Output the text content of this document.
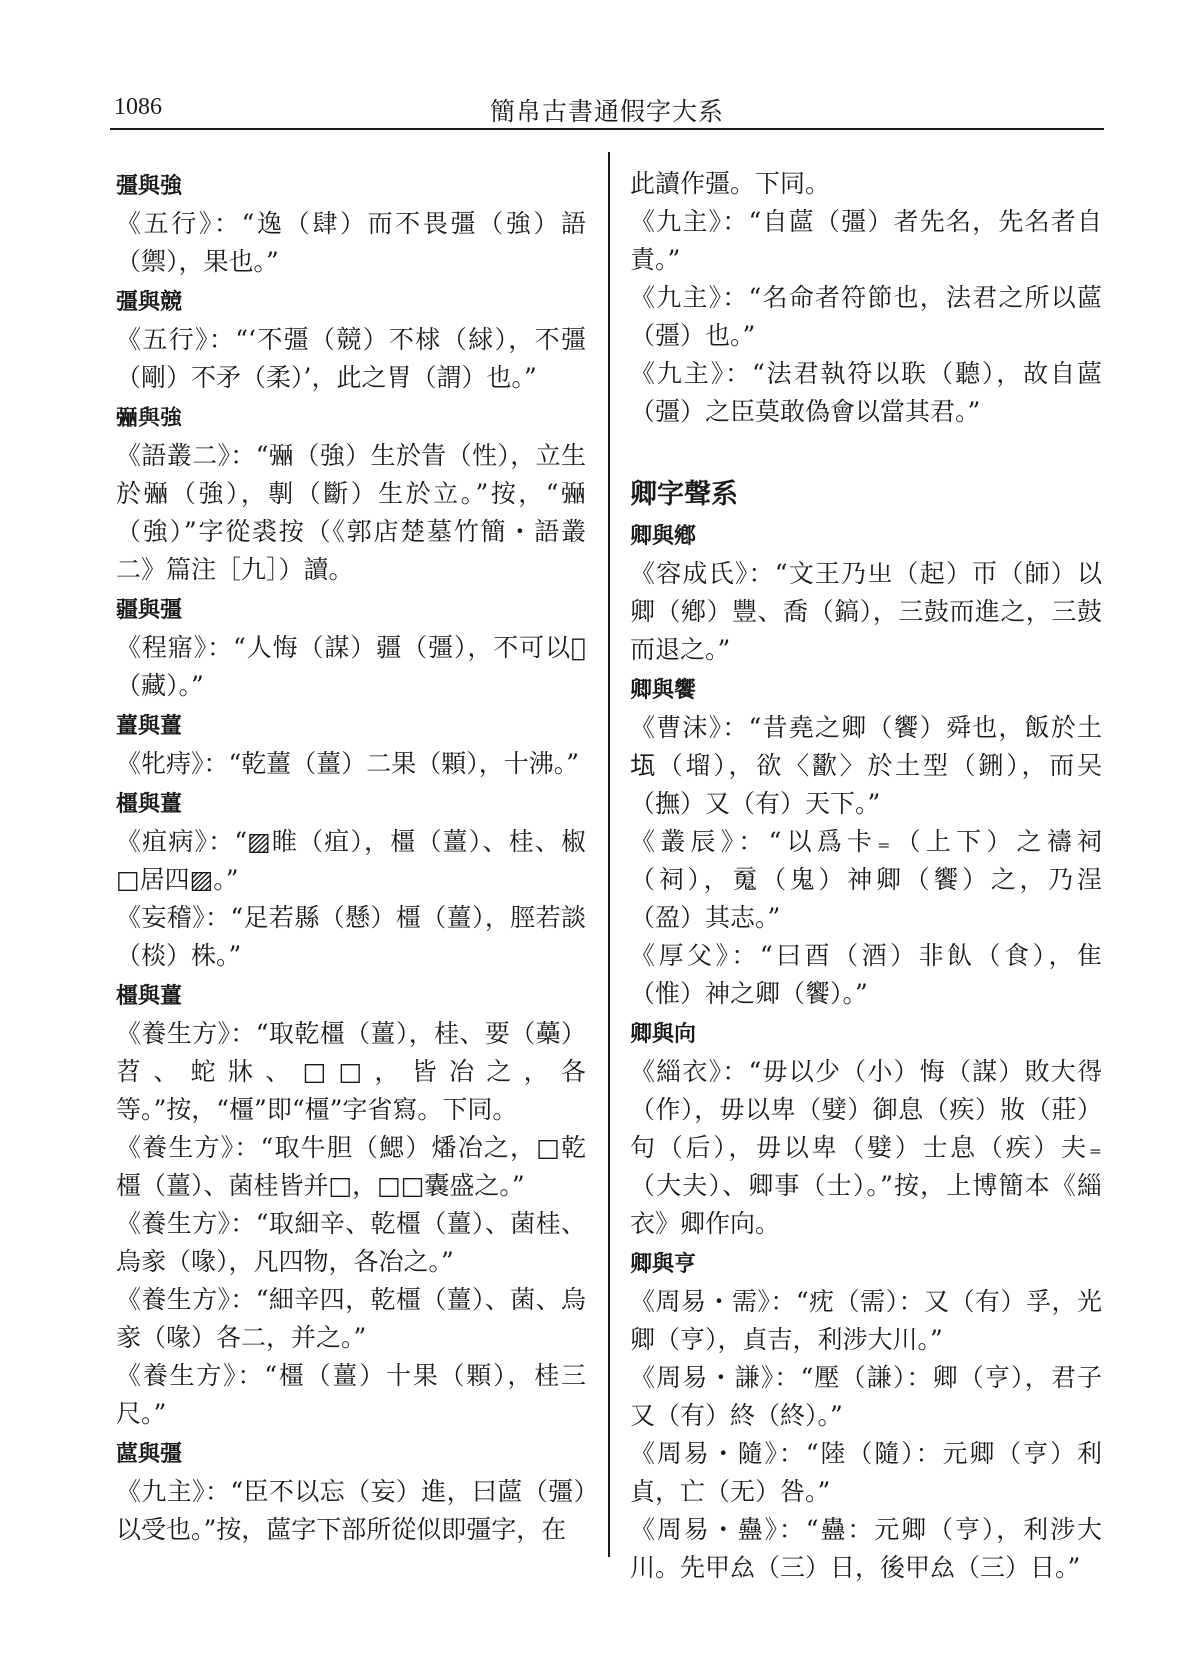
1086	簡帛古書通假字大系
彊與強
《五行》：“逸（肆）而不畏彊（強）語（禦），果也。”
彊與競
《五行》：“‘不彊（競）不梂（絿），不彊（剛）不矛（柔）’，此之胃（謂）也。”
𢐡與強
《語叢二》：“𢐡（強）生於眚（性），立生於𢐡（強），剸（斷）生於立。”按，“𢐡（強）”字從裘按（《郭店楚墓竹簡・語叢二》篇注［九］）讀。
疆與彊
《程寤》：“人悔（謀）疆（彊），不可以𣈕（藏）。”
薑與薑
《牝痔》：“乾薑（薑）二果（顆），十沸。”
橿與薑
《疽病》：“▨睢（疽），橿（薑）、桂、椒□居四▨。”
《妄稽》：“足若縣（懸）橿（薑），脛若談（棪）株。”
橿與薑
《養生方》：“取乾橿（薑），桂、要（蘽）苕、蛇牀、□□，皆冶之，各等。”按，“橿”即“橿”字省寫。下同。
《養生方》：“取牛胆（鰓）燔冶之，□乾橿（薑）、菌桂皆并□，□□囊盛之。”
《養生方》：“取細辛、乾橿（薑）、菌桂、烏豙（喙），凡四物，各冶之。”
《養生方》：“細辛四，乾橿（薑）、菌、烏豙（喙）各二，并之。”
《養生方》：“橿（薑）十果（顆），桂三尺。”
蓲與彊
《九主》：“臣不以忘（妄）進，曰蓲（彊）以受也。”按，蓲字下部所從似即彊字，在
此讀作彊。下同。
《九主》：“自蓲（彊）者先名，先名者自責。”
《九主》：“名命者符節也，法君之所以蓲（彊）也。”
《九主》：“法君執符以聅（聽），故自蓲（彊）之臣莫敢偽會以當其君。”
卿字聲系
卿與鄕
《容成氏》：“文王乃㞢（起）帀（師）以卿（鄕）豐、喬（鎬），三鼓而進之，三鼓而退之。”
卿與饗
《曹沫》：“昔堯之卿（饗）舜也，飯於土𤬪（塯），欲〈歠〉於土型（鉶），而㕦（撫）又（有）天下。”
《叢辰》：“以爲卡₌（上下）之禱祠（祠），䰟（鬼）神卿（饗）之，乃浧（盈）其志。”
《厚父》：“曰酉（酒）非飤（食），隹（惟）神之卿（饗）。”
卿與向
《緇衣》：“毋以少（小）悔（謀）敗大𢔶（作），毋以卑（嬖）御息（疾）妝（莊）句（后），毋以卑（嬖）士息（疾）夫₌（大夫）、卿事（士）。”按，上博簡本《緇衣》卿作向。
卿與亨
《周易・需》：“㽸（需）：又（有）孚，光卿（亨），貞吉，利涉大川。”
《周易・謙》：“壓（謙）：卿（亨），君子又（有）終（終）。”
《周易・隨》：“陸（隨）：元卿（亨）利貞，亡（无）咎。”
《周易・蠱》：“蠱：元卿（亨），利涉大川。先甲厽（三）日，後甲厽（三）日。”
